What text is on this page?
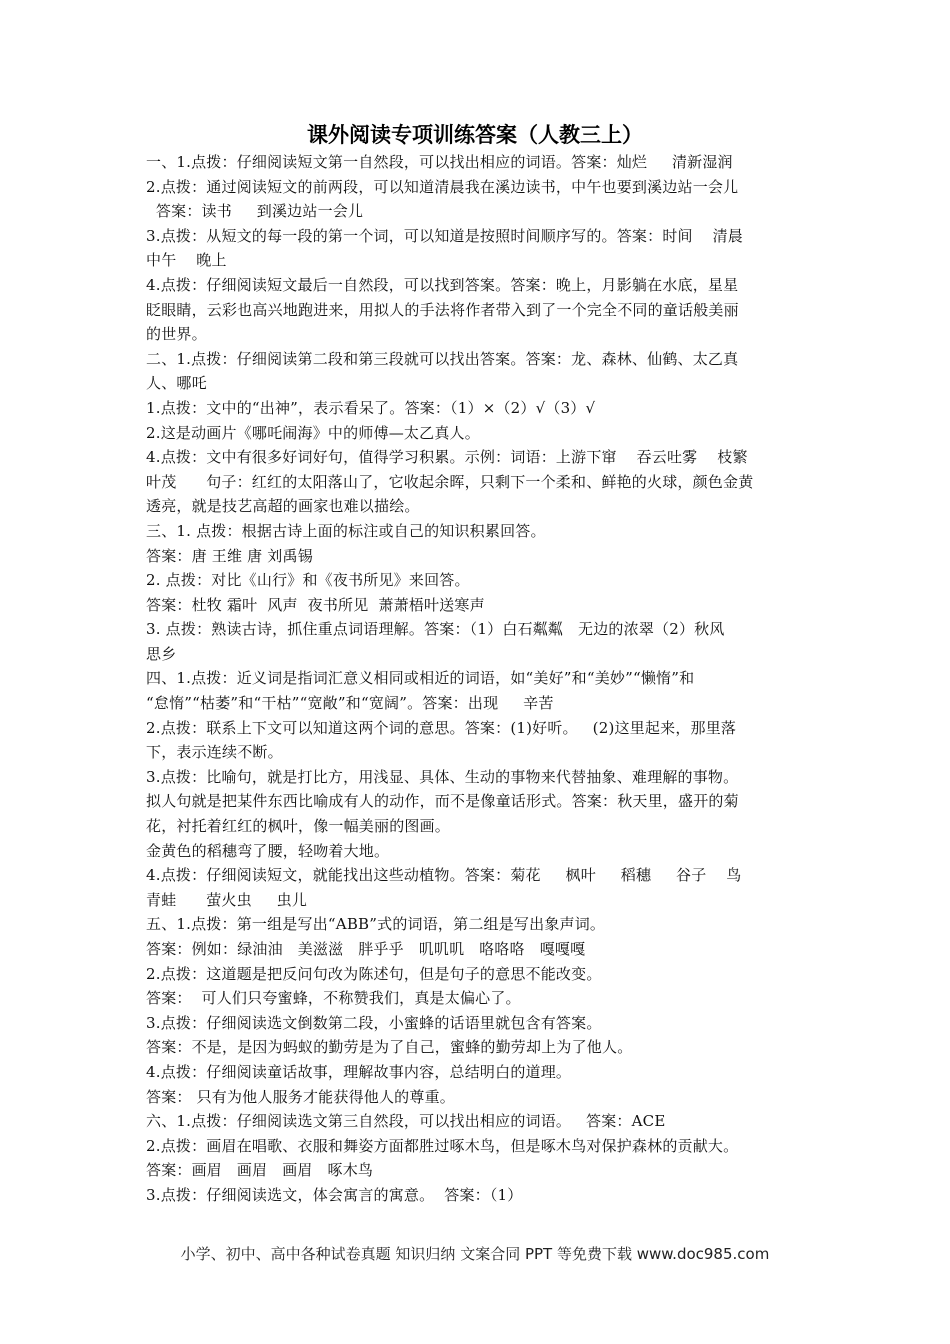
课外阅读专项训练答案（人教三上）
一、1.点拨：仔细阅读短文第一自然段，可以找出相应的词语。答案：灿烂     清新湿润
2.点拨：通过阅读短文的前两段，可以知道清晨我在溪边读书，中午也要到溪边站一会儿
答案：读书     到溪边站一会儿
3.点拨：从短文的每一段的第一个词，可以知道是按照时间顺序写的。答案：时间    清晨
中午    晚上
4.点拨：仔细阅读短文最后一自然段，可以找到答案。答案：晚上，月影躺在水底，星星
眨眼睛，云彩也高兴地跑进来，用拟人的手法将作者带入到了一个完全不同的童话般美丽
的世界。
二、1.点拨：仔细阅读第二段和第三段就可以找出答案。答案：龙、森林、仙鹤、太乙真
人、哪吒
1.点拨：文中的“出神”，表示看呆了。答案：（1）×（2）√（3）√
2.这是动画片《哪吒闹海》中的师傅—太乙真人。
4.点拨：文中有很多好词好句，值得学习积累。示例：词语：上游下窜    吞云吐雾    枝繁
叶茂      句子：红红的太阳落山了，它收起余晖，只剩下一个柔和、鲜艳的火球，颜色金黄
透亮，就是技艺高超的画家也难以描绘。
三、1. 点拨：根据古诗上面的标注或自己的知识积累回答。
答案：唐 王维 唐 刘禹锡
2. 点拨：对比《山行》和《夜书所见》来回答。
答案：杜牧 霜叶  风声  夜书所见  萧萧梧叶送寒声
3. 点拨：熟读古诗，抓住重点词语理解。答案：（1）白石粼粼   无边的浓翠（2）秋风
思乡
四、1.点拨：近义词是指词汇意义相同或相近的词语，如“美好”和“美妙”“懒惰”和
“怠惰”“枯萎”和“干枯”“宽敞”和“宽阔”。答案：出现     辛苦
2.点拨：联系上下文可以知道这两个词的意思。答案：(1)好听。   (2)这里起来，那里落
下，表示连续不断。
3.点拨：比喻句，就是打比方，用浅显、具体、生动的事物来代替抽象、难理解的事物。
拟人句就是把某件东西比喻成有人的动作，而不是像童话形式。答案：秋天里，盛开的菊
花，衬托着红红的枫叶，像一幅美丽的图画。
金黄色的稻穗弯了腰，轻吻着大地。
4.点拨：仔细阅读短文，就能找出这些动植物。答案：菊花     枫叶     稻穗     谷子    鸟
青蛙      萤火虫     虫儿
五、1.点拨：第一组是写出“ABB”式的词语，第二组是写出象声词。
答案：例如：绿油油   美滋滋   胖乎乎   叽叽叽   咯咯咯   嘎嘎嘎
2.点拨：这道题是把反问句改为陈述句，但是句子的意思不能改变。
答案：  可人们只夸蜜蜂，不称赞我们，真是太偏心了。
3.点拨：仔细阅读选文倒数第二段，小蜜蜂的话语里就包含有答案。
答案：不是，是因为蚂蚁的勤劳是为了自己，蜜蜂的勤劳却上为了他人。
4.点拨：仔细阅读童话故事，理解故事内容，总结明白的道理。
答案： 只有为他人服务才能获得他人的尊重。
六、1.点拨：仔细阅读选文第三自然段，可以找出相应的词语。   答案：ACE
2.点拨：画眉在唱歌、衣服和舞姿方面都胜过啄木鸟，但是啄木鸟对保护森林的贡献大。
答案：画眉   画眉   画眉   啄木鸟
3.点拨：仔细阅读选文，体会寓言的寓意。  答案：（1）
小学、初中、高中各种试卷真题 知识归纳 文案合同 PPT 等免费下载 www.doc985.com
